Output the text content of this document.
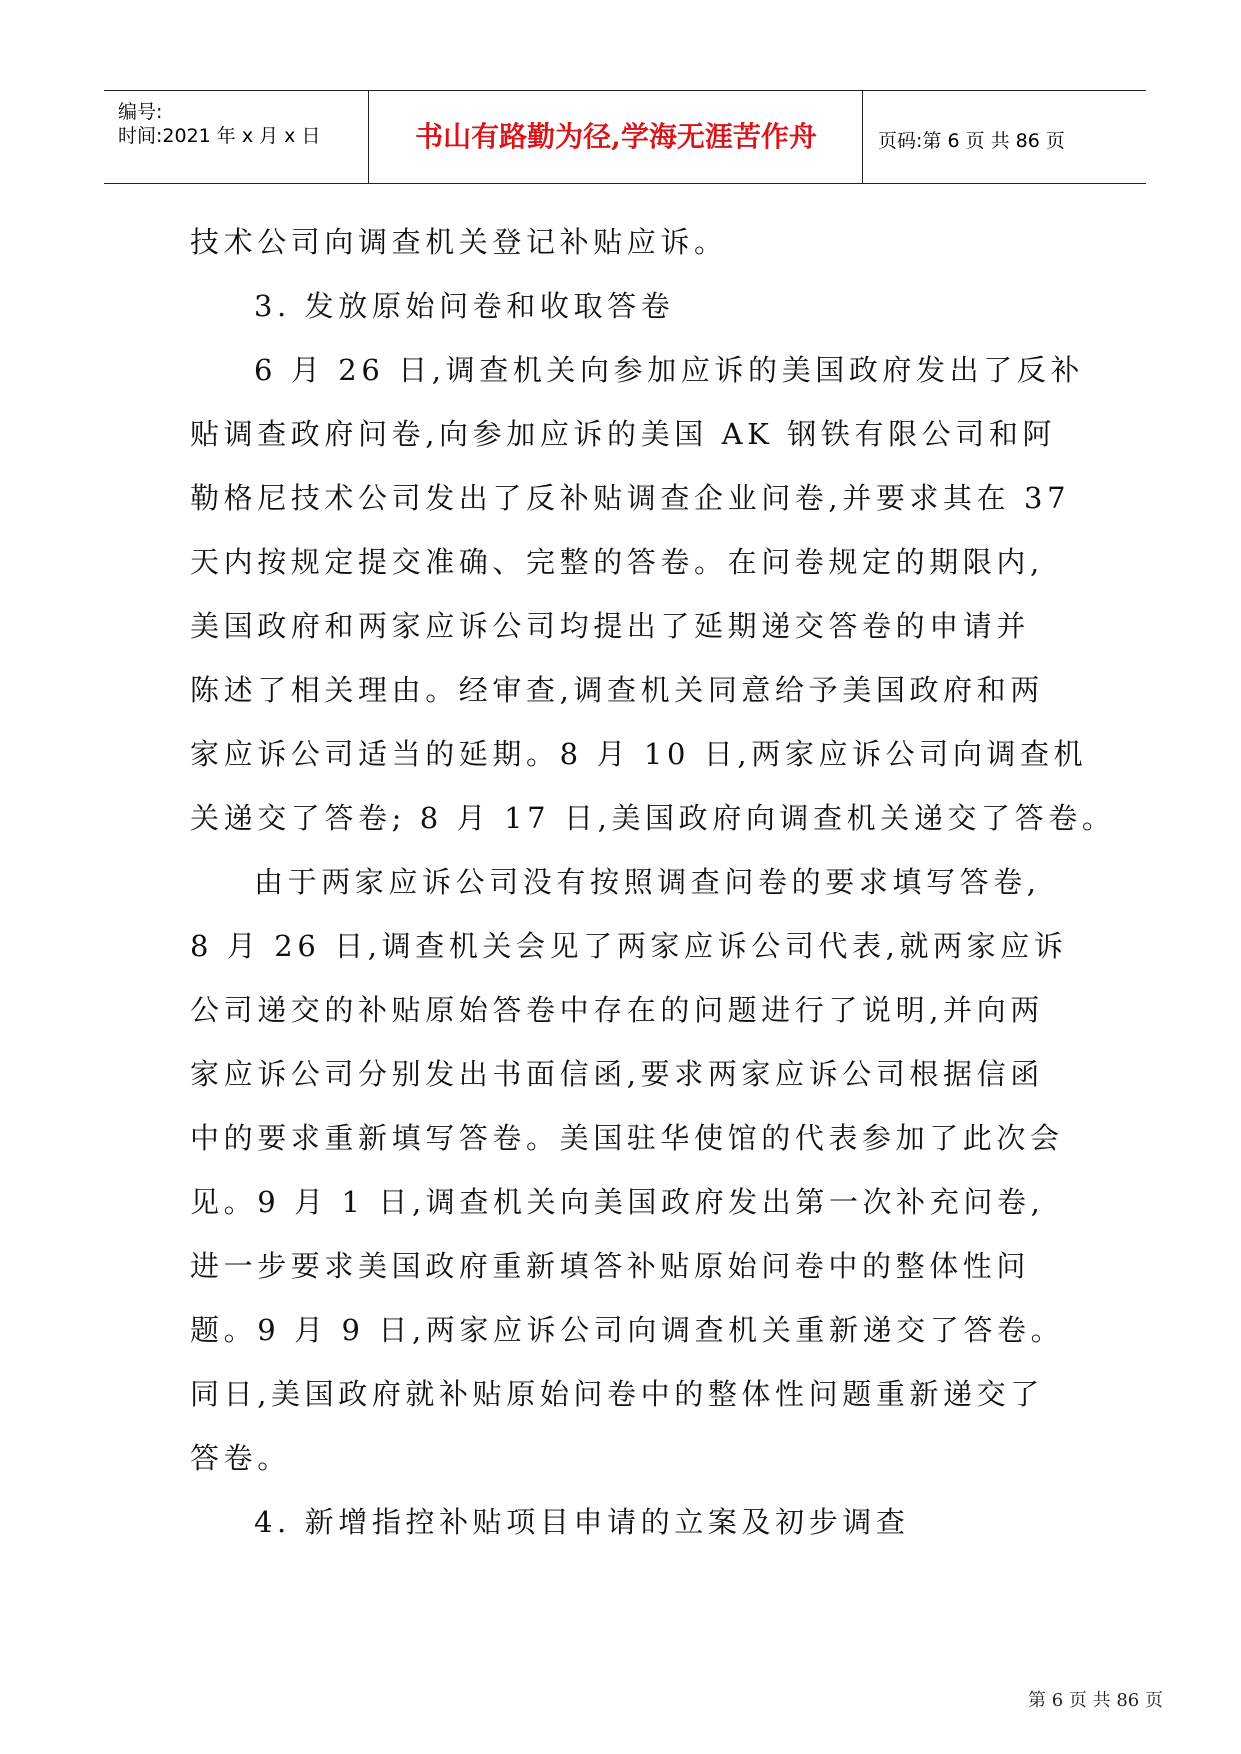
编号:
时间:2021 年 x 月 x 日	书山有路勤为径,学海无涯苦作舟	页码:第 6 页 共 86 页
技术公司向调查机关登记补贴应诉。
3. 发放原始问卷和收取答卷
6 月 26 日,调查机关向参加应诉的美国政府发出了反补
贴调查政府问卷,向参加应诉的美国 AK 钢铁有限公司和阿
勒格尼技术公司发出了反补贴调查企业问卷,并要求其在 37
天内按规定提交准确、完整的答卷。在问卷规定的期限内,
美国政府和两家应诉公司均提出了延期递交答卷的申请并
陈述了相关理由。经审查,调查机关同意给予美国政府和两
家应诉公司适当的延期。8 月 10 日,两家应诉公司向调查机
关递交了答卷; 8 月 17 日,美国政府向调查机关递交了答卷。
由于两家应诉公司没有按照调查问卷的要求填写答卷,
8 月 26 日,调查机关会见了两家应诉公司代表,就两家应诉
公司递交的补贴原始答卷中存在的问题进行了说明,并向两
家应诉公司分别发出书面信函,要求两家应诉公司根据信函
中的要求重新填写答卷。美国驻华使馆的代表参加了此次会
见。9 月 1 日,调查机关向美国政府发出第一次补充问卷,
进一步要求美国政府重新填答补贴原始问卷中的整体性问
题。9 月 9 日,两家应诉公司向调查机关重新递交了答卷。
同日,美国政府就补贴原始问卷中的整体性问题重新递交了
答卷。
4. 新增指控补贴项目申请的立案及初步调查
第 6 页 共 86 页
